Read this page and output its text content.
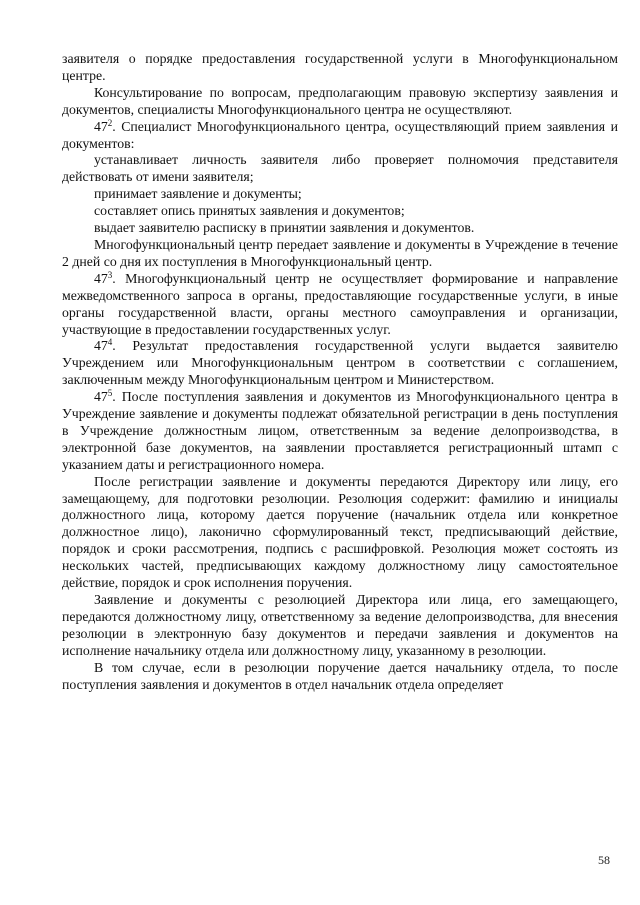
заявителя о порядке предоставления государственной услуги в Многофункциональном центре.

Консультирование по вопросам, предполагающим правовую экспертизу заявления и документов, специалисты Многофункционального центра не осуществляют.

$47^2$. Специалист Многофункционального центра, осуществляющий прием заявления и документов:

устанавливает личность заявителя либо проверяет полномочия представителя действовать от имени заявителя;

принимает заявление и документы;

составляет опись принятых заявления и документов;

выдает заявителю расписку в принятии заявления и документов.

Многофункциональный центр передает заявление и документы в Учреждение в течение 2 дней со дня их поступления в Многофункциональный центр.

$47^3$. Многофункциональный центр не осуществляет формирование и направление межведомственного запроса в органы, предоставляющие государственные услуги, в иные органы государственной власти, органы местного самоуправления и организации, участвующие в предоставлении государственных услуг.

$47^4$. Результат предоставления государственной услуги выдается заявителю Учреждением или Многофункциональным центром в соответствии с соглашением, заключенным между Многофункциональным центром и Министерством.

$47^5$. После поступления заявления и документов из Многофункционального центра в Учреждение заявление и документы подлежат обязательной регистрации в день поступления в Учреждение должностным лицом, ответственным за ведение делопроизводства, в электронной базе документов, на заявлении проставляется регистрационный штамп с указанием даты и регистрационного номера.

После регистрации заявление и документы передаются Директору или лицу, его замещающему, для подготовки резолюции. Резолюция содержит: фамилию и инициалы должностного лица, которому дается поручение (начальник отдела или конкретное должностное лицо), лаконично сформулированный текст, предписывающий действие, порядок и сроки рассмотрения, подпись с расшифровкой. Резолюция может состоять из нескольких частей, предписывающих каждому должностному лицу самостоятельное действие, порядок и срок исполнения поручения.

Заявление и документы с резолюцией Директора или лица, его замещающего, передаются должностному лицу, ответственному за ведение делопроизводства, для внесения резолюции в электронную базу документов и передачи заявления и документов на исполнение начальнику отдела или должностному лицу, указанному в резолюции.

В том случае, если в резолюции поручение дается начальнику отдела, то после поступления заявления и документов в отдел начальник отдела определяет

58
